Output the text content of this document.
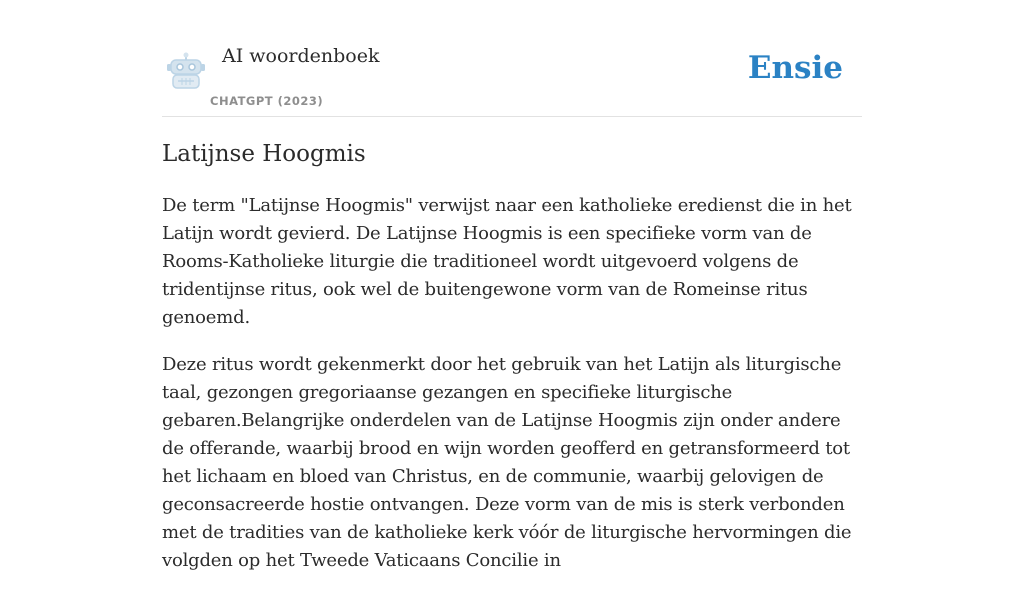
AI woordenboek
CHATGPT (2023)
Ensie
Latijnse Hoogmis

De term "Latijnse Hoogmis" verwijst naar een katholieke eredienst die in het Latijn wordt gevierd. De Latijnse Hoogmis is een specifieke vorm van de Rooms-Katholieke liturgie die traditioneel wordt uitgevoerd volgens de tridentijnse ritus, ook wel de buitengewone vorm van de Romeinse ritus genoemd.

Deze ritus wordt gekenmerkt door het gebruik van het Latijn als liturgische taal, gezongen gregoriaanse gezangen en specifieke liturgische gebaren.Belangrijke onderdelen van de Latijnse Hoogmis zijn onder andere de offerande, waarbij brood en wijn worden geofferd en getransformeerd tot het lichaam en bloed van Christus, en de communie, waarbij gelovigen de geconsacreerde hostie ontvangen. Deze vorm van de mis is sterk verbonden met de tradities van de katholieke kerk vóór de liturgische hervormingen die volgden op het Tweede Vaticaans Concilie in
